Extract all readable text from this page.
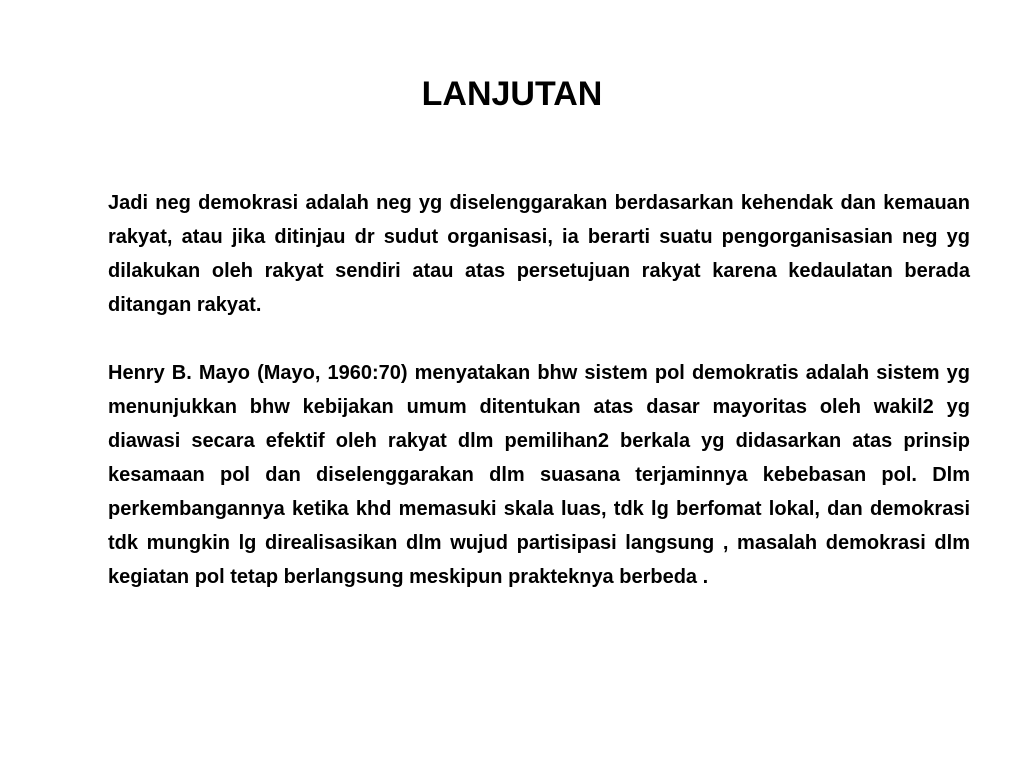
LANJUTAN

Jadi neg demokrasi adalah neg yg diselenggarakan berdasarkan kehendak dan kemauan rakyat, atau jika ditinjau dr sudut organisasi, ia berarti suatu pengorganisasian neg yg dilakukan oleh rakyat sendiri atau atas persetujuan rakyat karena kedaulatan berada ditangan rakyat.

Henry B. Mayo (Mayo, 1960:70) menyatakan bhw sistem pol demokratis adalah sistem yg menunjukkan bhw kebijakan umum ditentukan atas dasar mayoritas oleh wakil2 yg diawasi secara efektif oleh rakyat dlm pemilihan2 berkala yg didasarkan atas prinsip kesamaan pol dan diselenggarakan dlm suasana terjaminnya kebebasan pol. Dlm perkembangannya ketika khd memasuki skala luas, tdk lg berfomat lokal, dan demokrasi tdk mungkin lg direalisasikan dlm wujud partisipasi langsung , masalah demokrasi dlm kegiatan pol tetap berlangsung meskipun prakteknya berbeda .
